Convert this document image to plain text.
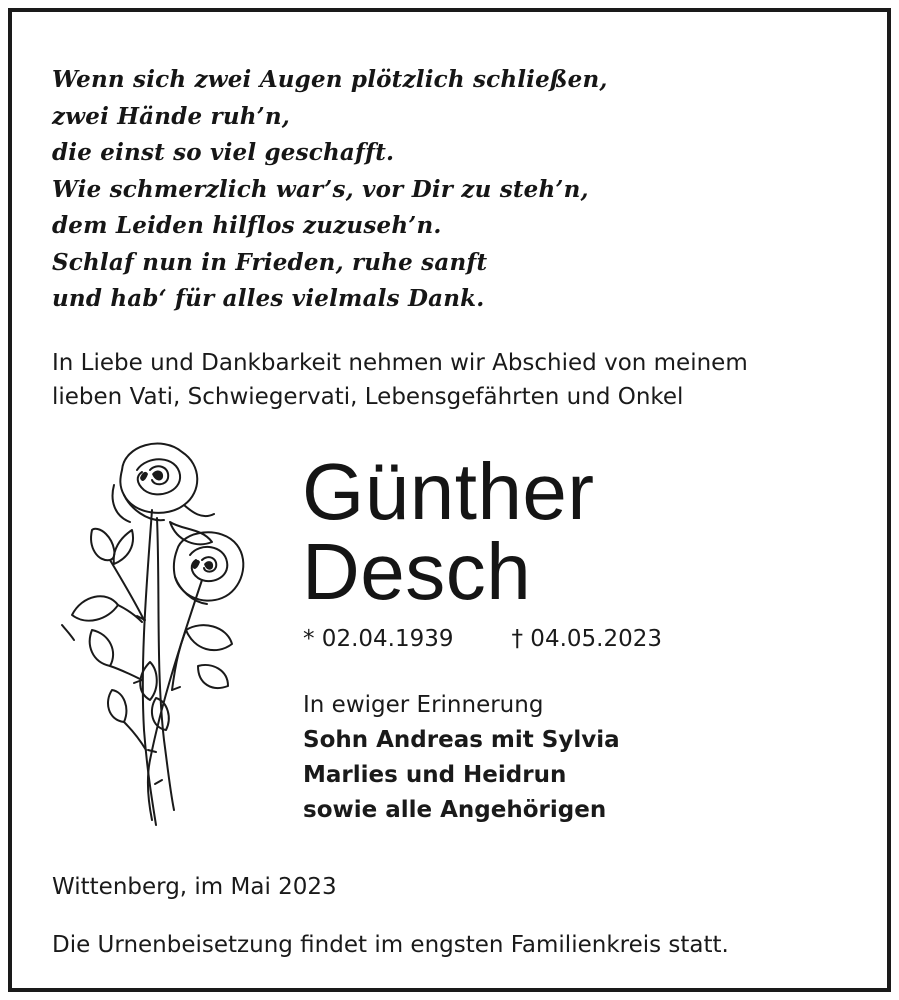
Wenn sich zwei Augen plötzlich schließen,
zwei Hände ruh’n,
die einst so viel geschafft.
Wie schmerzlich war’s, vor Dir zu steh’n,
dem Leiden hilflos zuzuseh’n.
Schlaf nun in Frieden, ruhe sanft
und hab‘ für alles vielmals Dank.
In Liebe und Dankbarkeit nehmen wir Abschied von meinem
lieben Vati, Schwiegervati, Lebensgefährten und Onkel
Günther
Desch
* 02.04.1939	† 04.05.2023
In ewiger Erinnerung
Sohn Andreas mit Sylvia
Marlies und Heidrun
sowie alle Angehörigen
Wittenberg, im Mai 2023
Die Urnenbeisetzung findet im engsten Familienkreis statt.
